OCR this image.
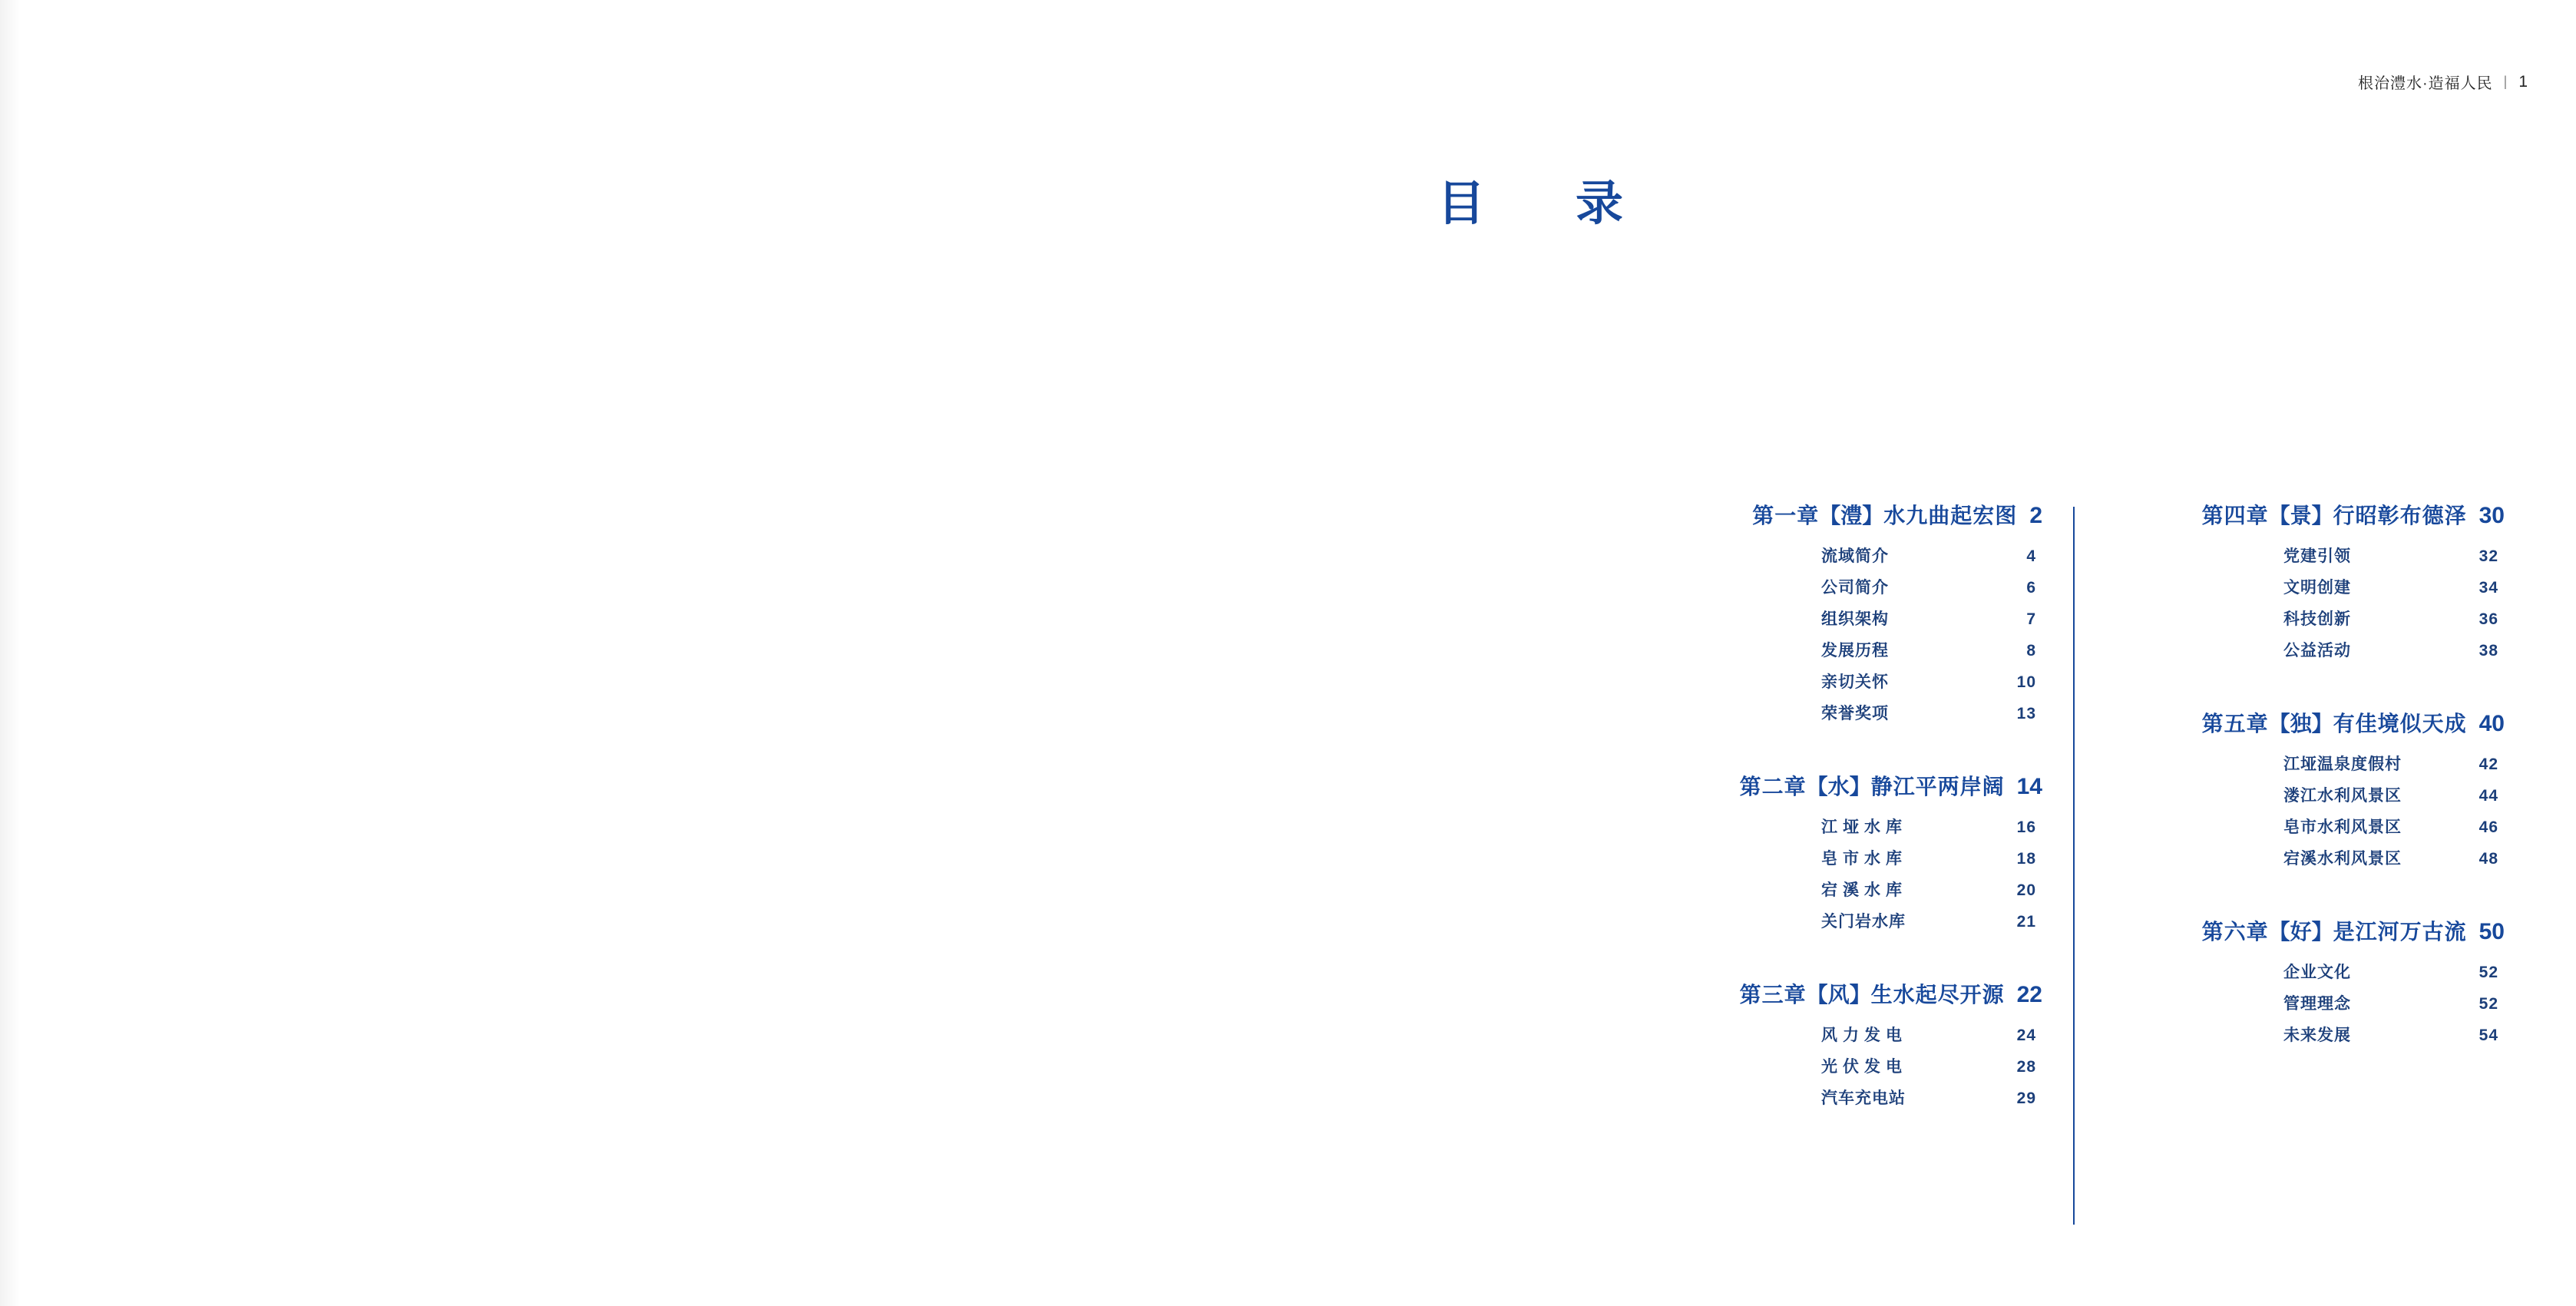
根治澧水·造福人民 | 1
目　录
第一章 【澧】 水九曲起宏图 2
流域简介	4
公司简介	6
组织架构	7
发展历程	8
亲切关怀	10
荣誉奖项	13
第二章 【水】 静江平两岸阔 14
江垭水库	16
皂市水库	18
宕溪水库	20
关门岩水库	21
第三章 【风】 生水起尽开源 22
风力发电	24
光伏发电	28
汽车充电站	29
第四章 【景】 行昭彰布德泽 30
党建引领	32
文明创建	34
科技创新	36
公益活动	38
第五章 【独】 有佳境似天成 40
江垭温泉度假村	42
溇江水利风景区	44
皂市水利风景区	46
宕溪水利风景区	48
第六章 【好】 是江河万古流 50
企业文化	52
管理理念	52
未来发展	54
